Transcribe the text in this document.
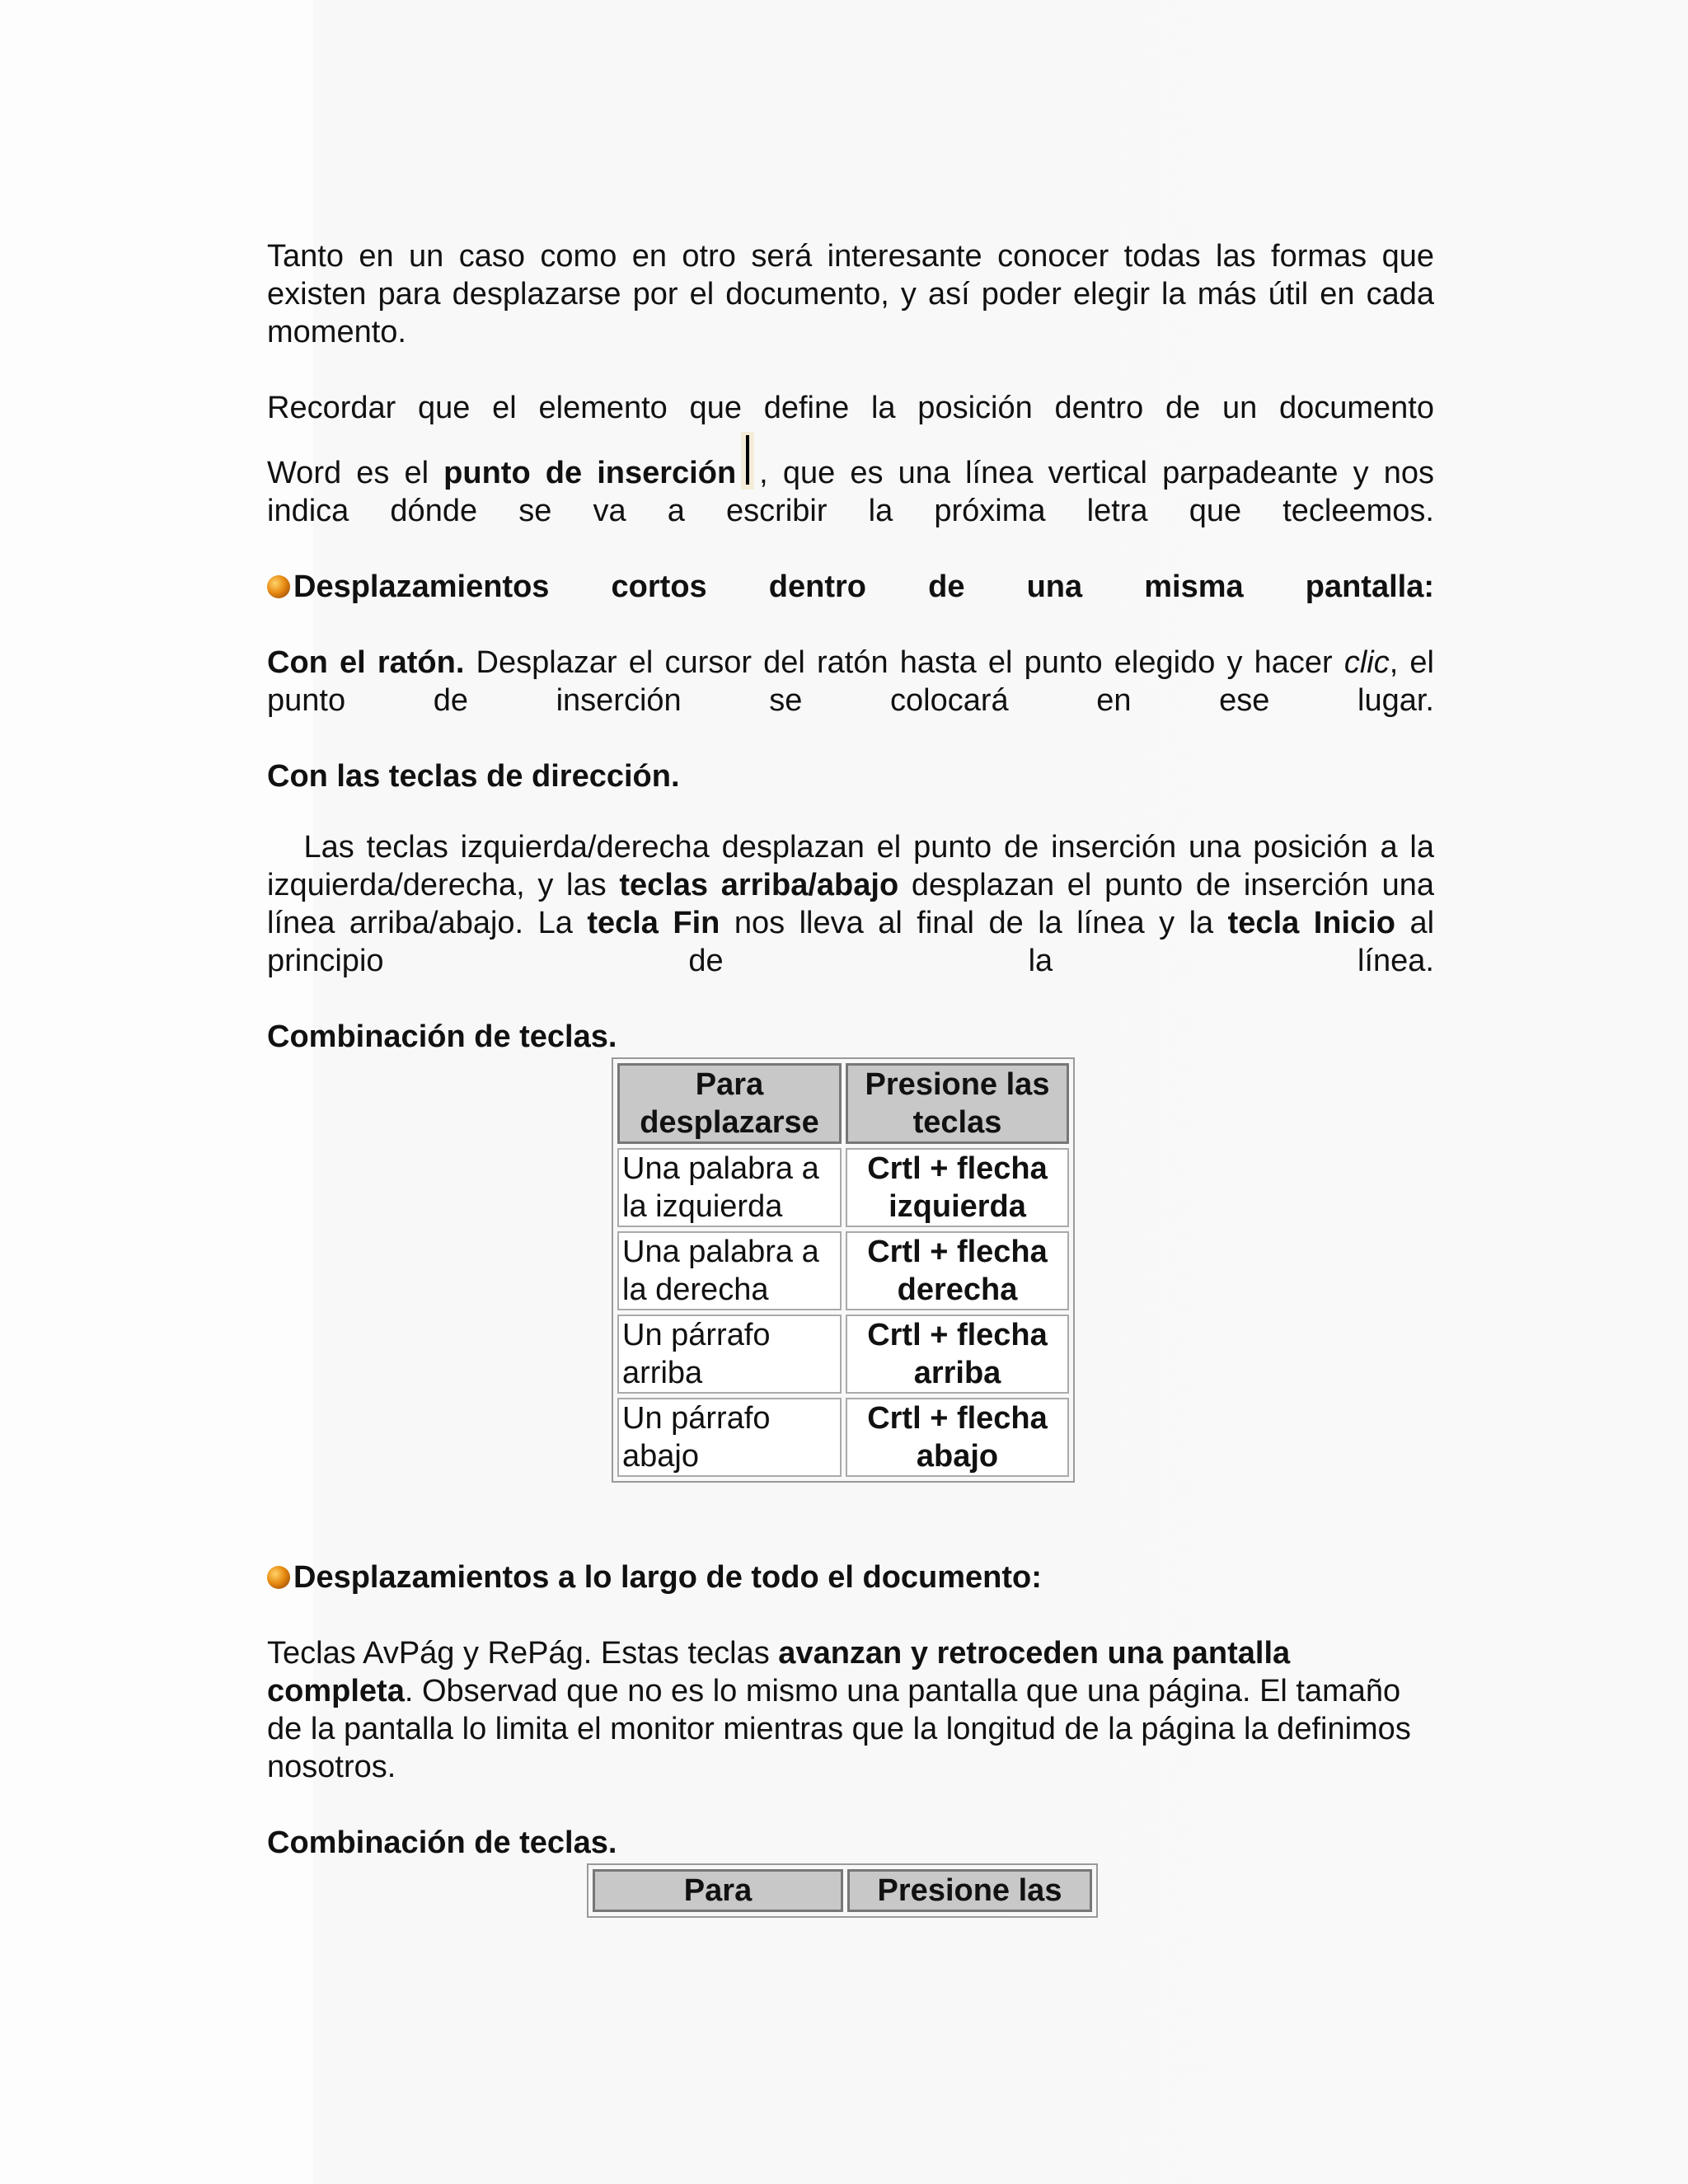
Tanto en un caso como en otro será interesante conocer todas las formas que existen para desplazarse por el documento, y así poder elegir la más útil en cada momento.

Recordar que el elemento que define la posición dentro de un documento

Word es el punto de inserción , que es una línea vertical parpadeante y nos indica dónde se va a escribir la próxima letra que tecleemos.

Desplazamientos cortos dentro de una misma pantalla:

Con el ratón. Desplazar el cursor del ratón hasta el punto elegido y hacer clic, el punto de inserción se colocará en ese lugar.

Con las teclas de dirección.

Las teclas izquierda/derecha desplazan el punto de inserción una posición a la izquierda/derecha, y las teclas arriba/abajo desplazan el punto de inserción una línea arriba/abajo. La tecla Fin nos lleva al final de la línea y la tecla Inicio al principio de la línea.

Combinación de teclas.

Para desplazarse	Presione las teclas
Una palabra a la izquierda	Crtl + flecha izquierda
Una palabra a la derecha	Crtl + flecha derecha
Un párrafo arriba	Crtl + flecha arriba
Un párrafo abajo	Crtl + flecha abajo

Desplazamientos a lo largo de todo el documento:

Teclas AvPág y RePág. Estas teclas avanzan y retroceden una pantalla completa. Observad que no es lo mismo una pantalla que una página. El tamaño de la pantalla lo limita el monitor mientras que la longitud de la página la definimos nosotros.

Combinación de teclas.

Para	Presione las
